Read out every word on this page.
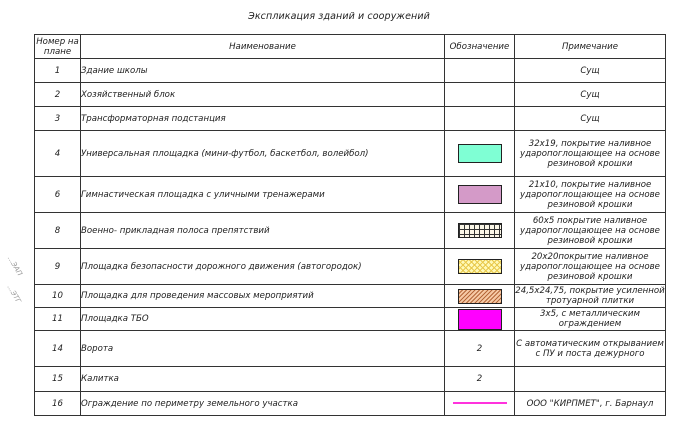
Экспликация зданий и сооружений
...ЭАП
...ЭТГ
Номер на плане	Наименование	Обозначение	Примечание
1	Здание школы		Сущ
2	Хозяйственный блок		Сущ
3	Трансформаторная подстанция		Сущ
4	Универсальная площадка (мини-футбол, баскетбол, волейбол)		32х19, покрытие наливное ударопоглощающее на основе резиновой крошки
6	Гимнастическая площадка с уличными тренажерами		21х10, покрытие наливное ударопоглощающее на основе резиновой крошки
8	Военно- прикладная полоса препятствий		60х5 покрытие наливное ударопоглощающее на основе резиновой крошки
9	Площадка безопасности дорожного движения (автогородок)		20х20покрытие наливное ударопоглощающее на основе резиновой крошки
10	Площадка для проведения массовых мероприятий		24,5х24,75, покрытие усиленной тротуарной плитки
11	Площадка ТБО		3х5, с металлическим ограждением
14	Ворота	2	С автоматическим открыванием с ПУ и поста дежурного
15	Калитка	2	
16	Ограждение по периметру земельного участка		ООО "КИРПМЕТ", г. Барнаул
